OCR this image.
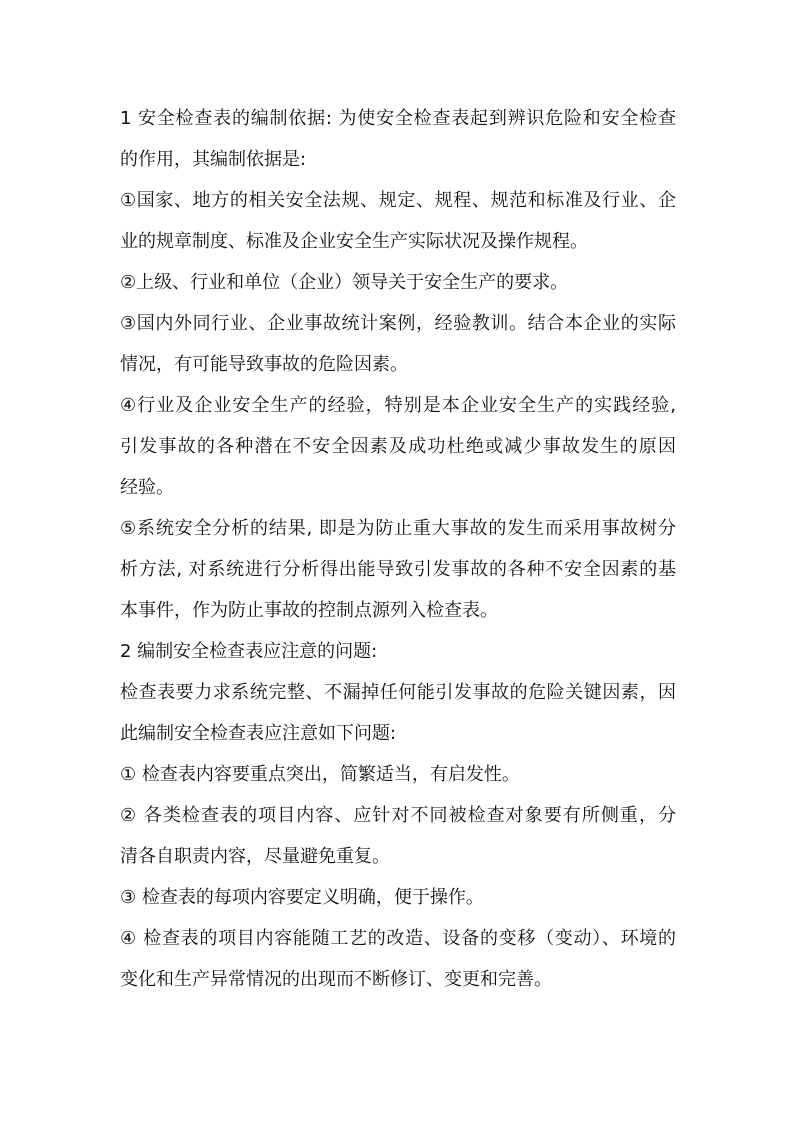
1 安全检查表的编制依据: 为使安全检查表起到辨识危险和安全检查
的作用，其编制依据是:
①国家、地方的相关安全法规、规定、规程、规范和标准及行业、企
业的规章制度、标准及企业安全生产实际状况及操作规程。
②上级、行业和单位（企业）领导关于安全生产的要求。
③国内外同行业、企业事故统计案例，经验教训。结合本企业的实际
情况，有可能导致事故的危险因素。
④行业及企业安全生产的经验，特别是本企业安全生产的实践经验,
引发事故的各种潜在不安全因素及成功杜绝或减少事故发生的原因
经验。
⑤系统安全分析的结果, 即是为防止重大事故的发生而采用事故树分
析方法, 对系统进行分析得出能导致引发事故的各种不安全因素的基
本事件，作为防止事故的控制点源列入检查表。
2 编制安全检查表应注意的问题:
检查表要力求系统完整、不漏掉任何能引发事故的危险关键因素，因
此编制安全检查表应注意如下问题:
① 检查表内容要重点突出，简繁适当，有启发性。
② 各类检查表的项目内容、应针对不同被检查对象要有所侧重，分
清各自职责内容，尽量避免重复。
③ 检查表的每项内容要定义明确，便于操作。
④ 检查表的项目内容能随工艺的改造、设备的变移（变动）、环境的
变化和生产异常情况的出现而不断修订、变更和完善。
